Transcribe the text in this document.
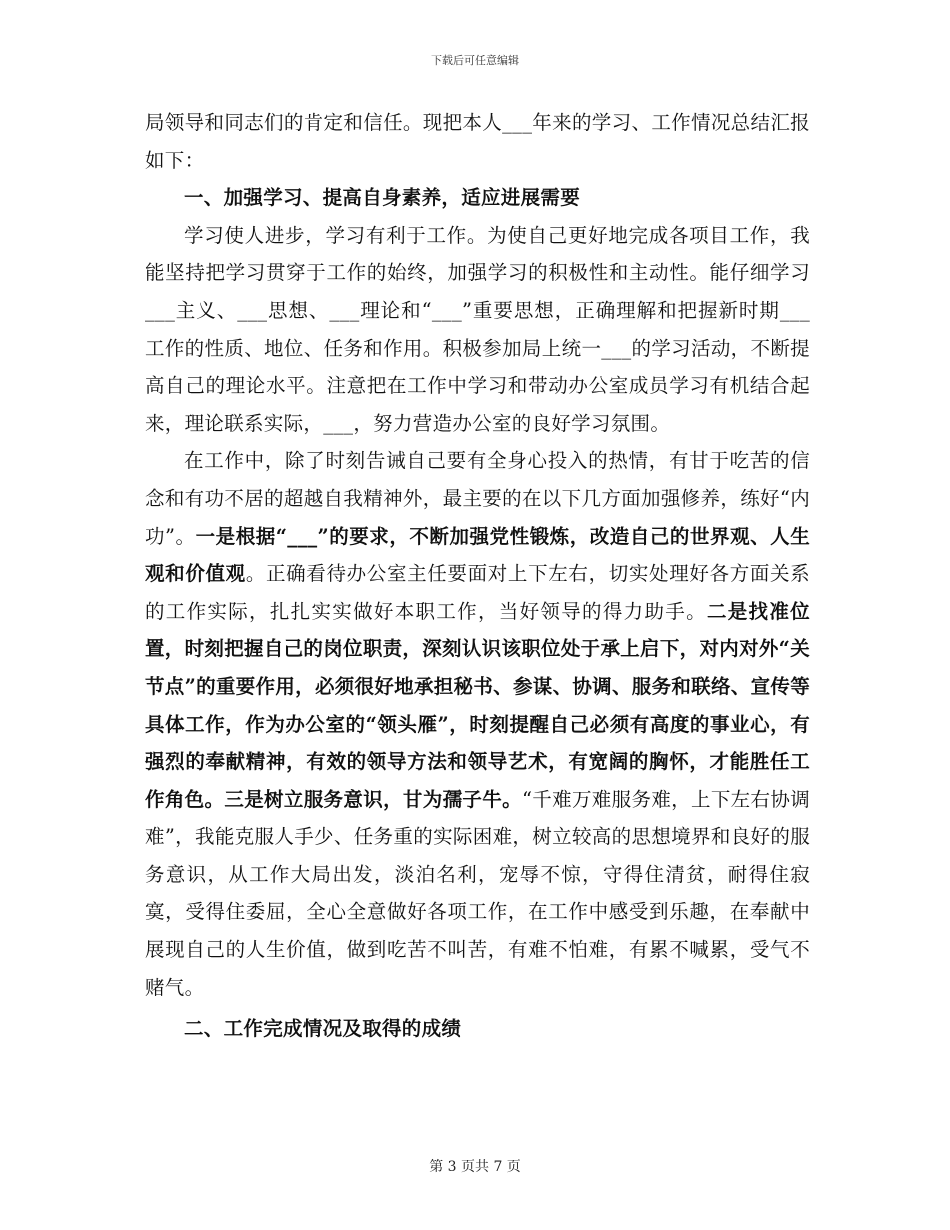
下载后可任意编辑

局领导和同志们的肯定和信任。现把本人___年来的学习、工作情况总结汇报如下：

一、加强学习、提高自身素养，适应进展需要

学习使人进步，学习有利于工作。为使自己更好地完成各项目工作，我能坚持把学习贯穿于工作的始终，加强学习的积极性和主动性。能仔细学习___主义、___思想、___理论和“___”重要思想，正确理解和把握新时期___工作的性质、地位、任务和作用。积极参加局上统一___的学习活动，不断提高自己的理论水平。注意把在工作中学习和带动办公室成员学习有机结合起来，理论联系实际，___，努力营造办公室的良好学习氛围。

在工作中，除了时刻告诫自己要有全身心投入的热情，有甘于吃苦的信念和有功不居的超越自我精神外，最主要的在以下几方面加强修养，练好“内功”。一是根据“___”的要求，不断加强党性锻炼，改造自己的世界观、人生观和价值观。正确看待办公室主任要面对上下左右，切实处理好各方面关系的工作实际，扎扎实实做好本职工作，当好领导的得力助手。二是找准位置，时刻把握自己的岗位职责，深刻认识该职位处于承上启下，对内对外“关节点”的重要作用，必须很好地承担秘书、参谋、协调、服务和联络、宣传等具体工作，作为办公室的“领头雁”，时刻提醒自己必须有高度的事业心，有强烈的奉献精神，有效的领导方法和领导艺术，有宽阔的胸怀，才能胜任工作角色。三是树立服务意识，甘为孺子牛。“千难万难服务难，上下左右协调难”，我能克服人手少、任务重的实际困难，树立较高的思想境界和良好的服务意识，从工作大局出发，淡泊名利，宠辱不惊，守得住清贫，耐得住寂寞，受得住委屈，全心全意做好各项工作，在工作中感受到乐趣，在奉献中展现自己的人生价值，做到吃苦不叫苦，有难不怕难，有累不喊累，受气不赌气。

二、工作完成情况及取得的成绩

第 3 页共 7 页
